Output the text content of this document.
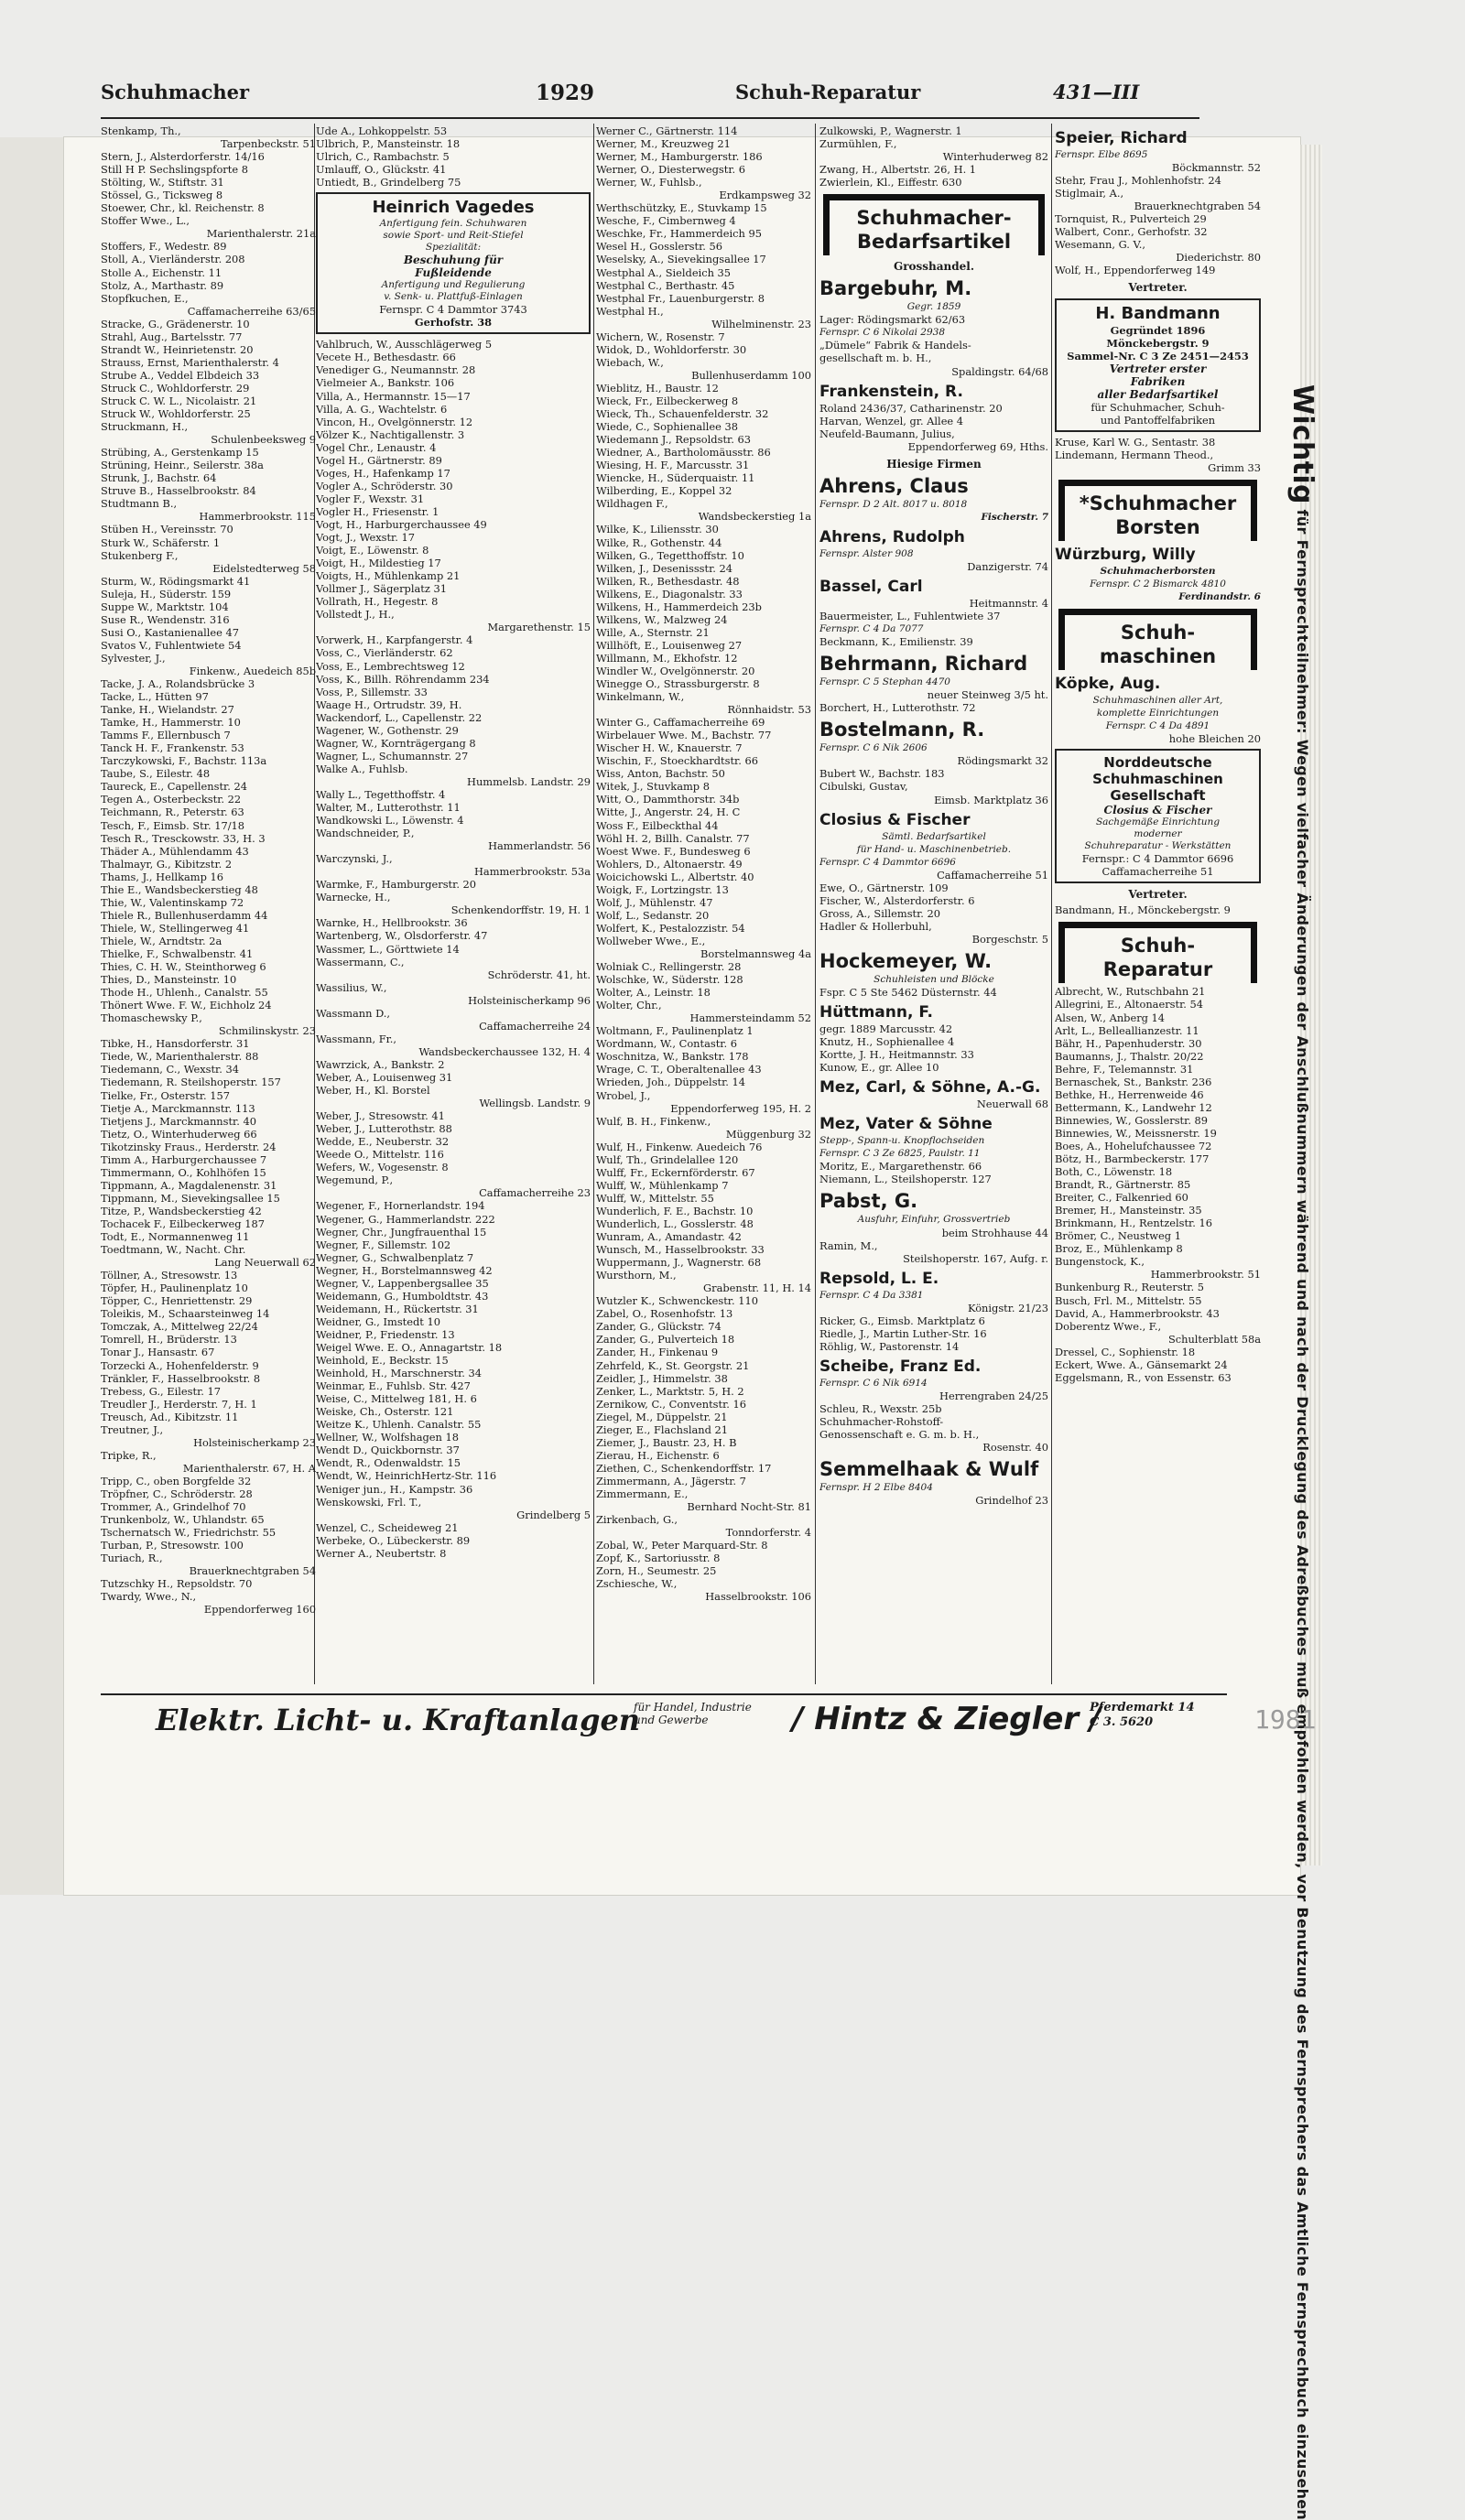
Schuhmacher	1929	Schuh-Reparatur	431—III
Stenkamp, Th.,
Tarpenbeckstr. 51
Stern, J., Alsterdorferstr. 14/16
Still H P. Sechslingspforte 8
Stölting, W., Stiftstr. 31
Stössel, G., Ticksweg 8
Stoewer, Chr., kl. Reichenstr. 8
Stoffer Wwe., L.,
Marienthalerstr. 21a
Stoffers, F., Wedestr. 89
Stoll, A., Vierländerstr. 208
Stolle A., Eichenstr. 11
Stolz, A., Marthastr. 89
Stopfkuchen, E.,
Caffamacherreihe 63/65
Stracke, G., Grädenerstr. 10
Strahl, Aug., Bartelsstr. 77
Strandt W., Heinrietenstr. 20
Strauss, Ernst, Marienthalerstr. 4
Strube A., Veddel Elbdeich 33
Struck C., Wohldorferstr. 29
Struck C. W. L., Nicolaistr. 21
Struck W., Wohldorferstr. 25
Struckmann, H.,
Schulenbeeksweg 9
Strübing, A., Gerstenkamp 15
Strüning, Heinr., Seilerstr. 38a
Strunk, J., Bachstr. 64
Struve B., Hasselbrookstr. 84
Studtmann B.,
Hammerbrookstr. 115
Stüben H., Vereinsstr. 70
Sturk W., Schäferstr. 1
Stukenberg F.,
Eidelstedterweg 58
Sturm, W., Rödingsmarkt 41
Suleja, H., Süderstr. 159
Suppe W., Marktstr. 104
Suse R., Wendenstr. 316
Susi O., Kastanienallee 47
Svatos V., Fuhlentwiete 54
Sylvester, J.,
Finkenw., Auedeich 85b
Tacke, J. A., Rolandsbrücke 3
Tacke, L., Hütten 97
Tanke, H., Wielandstr. 27
Tamke, H., Hammerstr. 10
Tamms F., Ellernbusch 7
Tanck H. F., Frankenstr. 53
Tarczykowski, F., Bachstr. 113a
Taube, S., Eilestr. 48
Taureck, E., Capellenstr. 24
Tegen A., Osterbeckstr. 22
Teichmann, R., Peterstr. 63
Tesch, F., Eimsb. Str. 17/18
Tesch R., Tresckowstr. 33, H. 3
Thäder A., Mühlendamm 43
Thalmayr, G., Kibitzstr. 2
Thams, J., Hellkamp 16
Thie E., Wandsbeckerstieg 48
Thie, W., Valentinskamp 72
Thiele R., Bullenhuserdamm 44
Thiele, W., Stellingerweg 41
Thiele, W., Arndtstr. 2a
Thielke, F., Schwalbenstr. 41
Thies, C. H. W., Steinthorweg 6
Thies, D., Mansteinstr. 10
Thode H., Uhlenh., Canalstr. 55
Thönert Wwe. F. W., Eichholz 24
Thomaschewsky P.,
Schmilinskystr. 23
Tibke, H., Hansdorferstr. 31
Tiede, W., Marienthalerstr. 88
Tiedemann, C., Wexstr. 34
Tiedemann, R. Steilshoperstr. 157
Tielke, Fr., Osterstr. 157
Tietje A., Marckmannstr. 113
Tietjens J., Marckmannstr. 40
Tietz, O., Winterhuderweg 66
Tikotzinsky Fraus., Herderstr. 24
Timm A., Harburgerchaussee 7
Timmermann, O., Kohlhöfen 15
Tippmann, A., Magdalenenstr. 31
Tippmann, M., Sievekingsallee 15
Titze, P., Wandsbeckerstieg 42
Tochacek F., Eilbeckerweg 187
Todt, E., Normannenweg 11
Toedtmann, W., Nacht. Chr.
Lang Neuerwall 62
Töllner, A., Stresowstr. 13
Töpfer, H., Paulinenplatz 10
Töpper, C., Henriettenstr. 29
Toleikis, M., Schaarsteinweg 14
Tomczak, A., Mittelweg 22/24
Tomrell, H., Brüderstr. 13
Tonar J., Hansastr. 67
Torzecki A., Hohenfelderstr. 9
Tränkler, F., Hasselbrookstr. 8
Trebess, G., Eilestr. 17
Treudler J., Herderstr. 7, H. 1
Treusch, Ad., Kibitzstr. 11
Treutner, J.,
Holsteinischerkamp 23
Tripke, R.,
Marienthalerstr. 67, H. A
Tripp, C., oben Borgfelde 32
Tröpfner, C., Schröderstr. 28
Trommer, A., Grindelhof 70
Trunkenbolz, W., Uhlandstr. 65
Tschernatsch W., Friedrichstr. 55
Turban, P., Stresowstr. 100
Turiach, R.,
Brauerknechtgraben 54
Tutzschky H., Repsoldstr. 70
Twardy, Wwe., N.,
Eppendorferweg 160
Ude A., Lohkoppelstr. 53
Ulbrich, P., Mansteinstr. 18
Ulrich, C., Rambachstr. 5
Umlauff, O., Glückstr. 41
Untiedt, B., Grindelberg 75
Heinrich Vagedes
Anfertigung fein. Schuhwaren
sowie Sport- und Reit-Stiefel
Spezialität:
Beschuhung für
Fußleidende
Anfertigung und Regulierung
v. Senk- u. Plattfuß-Einlagen
Fernspr. C 4 Dammtor 3743
Gerhofstr. 38
Vahlbruch, W., Ausschlägerweg 5
Vecete H., Bethesdastr. 66
Venediger G., Neumannstr. 28
Vielmeier A., Bankstr. 106
Villa, A., Hermannstr. 15—17
Villa, A. G., Wachtelstr. 6
Vincon, H., Ovelgönnerstr. 12
Völzer K., Nachtigallenstr. 3
Vogel Chr., Lenaustr. 4
Vogel H., Gärtnerstr. 89
Voges, H., Hafenkamp 17
Vogler A., Schröderstr. 30
Vogler F., Wexstr. 31
Vogler H., Friesenstr. 1
Vogt, H., Harburgerchaussee 49
Vogt, J., Wexstr. 17
Voigt, E., Löwenstr. 8
Voigt, H., Mildestieg 17
Voigts, H., Mühlenkamp 21
Vollmer J., Sägerplatz 31
Vollrath, H., Hegestr. 8
Vollstedt J., H.,
Margarethenstr. 15
Vorwerk, H., Karpfangerstr. 4
Voss, C., Vierländerstr. 62
Voss, E., Lembrechtsweg 12
Voss, K., Billh. Röhrendamm 234
Voss, P., Sillemstr. 33
Waage H., Ortrudstr. 39, H.
Wackendorf, L., Capellenstr. 22
Wagener, W., Gothenstr. 29
Wagner, W., Kornträgergang 8
Wagner, L., Schumannstr. 27
Walke A., Fuhlsb.
Hummelsb. Landstr. 29
Wally L., Tegetthoffstr. 4
Walter, M., Lutterothstr. 11
Wandkowski L., Löwenstr. 4
Wandschneider, P.,
Hammerlandstr. 56
Warczynski, J.,
Hammerbrookstr. 53a
Warmke, F., Hamburgerstr. 20
Warnecke, H.,
Schenkendorffstr. 19, H. 1
Warnke, H., Hellbrookstr. 36
Wartenberg, W., Olsdorferstr. 47
Wassmer, L., Görttwiete 14
Wassermann, C.,
Schröderstr. 41, ht.
Wassilius, W.,
Holsteinischerkamp 96
Wassmann D.,
Caffamacherreihe 24
Wassmann, Fr.,
Wandsbeckerchaussee 132, H. 4
Wawrzick, A., Bankstr. 2
Weber, A., Louisenweg 31
Weber, H., Kl. Borstel
Wellingsb. Landstr. 9
Weber, J., Stresowstr. 41
Weber, J., Lutterothstr. 88
Wedde, E., Neuberstr. 32
Weede O., Mittelstr. 116
Wefers, W., Vogesenstr. 8
Wegemund, P.,
Caffamacherreihe 23
Wegener, F., Hornerlandstr. 194
Wegener, G., Hammerlandstr. 222
Wegner, Chr., Jungfrauenthal 15
Wegner, F., Sillemstr. 102
Wegner, G., Schwalbenplatz 7
Wegner, H., Borstelmannsweg 42
Wegner, V., Lappenbergsallee 35
Weidemann, G., Humboldtstr. 43
Weidemann, H., Rückertstr. 31
Weidner, G., Imstedt 10
Weidner, P., Friedenstr. 13
Weigel Wwe. E. O., Annagartstr. 18
Weinhold, E., Beckstr. 15
Weinhold, H., Marschnerstr. 34
Weinmar, E., Fuhlsb. Str. 427
Weise, C., Mittelweg 181, H. 6
Weiske, Ch., Osterstr. 121
Weitze K., Uhlenh. Canalstr. 55
Wellner, W., Wolfshagen 18
Wendt D., Quickbornstr. 37
Wendt, R., Odenwaldstr. 15
Wendt, W., HeinrichHertz-Str. 116
Weniger jun., H., Kampstr. 36
Wenskowski, Frl. T.,
Grindelberg 5
Wenzel, C., Scheideweg 21
Werbeke, O., Lübeckerstr. 89
Werner A., Neubertstr. 8
Werner C., Gärtnerstr. 114
Werner, M., Kreuzweg 21
Werner, M., Hamburgerstr. 186
Werner, O., Diesterwegstr. 6
Werner, W., Fuhlsb.,
Erdkampsweg 32
Werthschützky, E., Stuvkamp 15
Wesche, F., Cimbernweg 4
Weschke, Fr., Hammerdeich 95
Wesel H., Gosslerstr. 56
Weselsky, A., Sievekingsallee 17
Westphal A., Sieldeich 35
Westphal C., Berthastr. 45
Westphal Fr., Lauenburgerstr. 8
Westphal H.,
Wilhelminenstr. 23
Wichern, W., Rosenstr. 7
Widok, D., Wohldorferstr. 30
Wiebach, W.,
Bullenhuserdamm 100
Wieblitz, H., Baustr. 12
Wieck, Fr., Eilbeckerweg 8
Wieck, Th., Schauenfelderstr. 32
Wiede, C., Sophienallee 38
Wiedemann J., Repsoldstr. 63
Wiedner, A., Bartholomäusstr. 86
Wiesing, H. F., Marcusstr. 31
Wiencke, H., Süderquaistr. 11
Wilberding, E., Koppel 32
Wildhagen F.,
Wandsbeckerstieg 1a
Wilke, K., Liliensstr. 30
Wilke, R., Gothenstr. 44
Wilken, G., Tegetthoffstr. 10
Wilken, J., Desenissstr. 24
Wilken, R., Bethesdastr. 48
Wilkens, E., Diagonalstr. 33
Wilkens, H., Hammerdeich 23b
Wilkens, W., Malzweg 24
Wille, A., Sternstr. 21
Willhöft, E., Louisenweg 27
Willmann, M., Ekhofstr. 12
Windler W., Ovelgönnerstr. 20
Winegge O., Strassburgerstr. 8
Winkelmann, W.,
Rönnhaidstr. 53
Winter G., Caffamacherreihe 69
Wirbelauer Wwe. M., Bachstr. 77
Wischer H. W., Knauerstr. 7
Wischin, F., Stoeckhardtstr. 66
Wiss, Anton, Bachstr. 50
Witek, J., Stuvkamp 8
Witt, O., Dammthorstr. 34b
Witte, J., Angerstr. 24, H. C
Woss F., Eilbeckthal 44
Wöhl H. 2, Billh. Canalstr. 77
Woest Wwe. F., Bundesweg 6
Wohlers, D., Altonaerstr. 49
Woicichowski L., Albertstr. 40
Woigk, F., Lortzingstr. 13
Wolf, J., Mühlenstr. 47
Wolf, L., Sedanstr. 20
Wolfert, K., Pestalozzistr. 54
Wollweber Wwe., E.,
Borstelmannsweg 4a
Wolniak C., Rellingerstr. 28
Wolschke, W., Süderstr. 128
Wolter, A., Leinstr. 18
Wolter, Chr.,
Hammersteindamm 52
Woltmann, F., Paulinenplatz 1
Wordmann, W., Contastr. 6
Woschnitza, W., Bankstr. 178
Wrage, C. T., Oberaltenallee 43
Wrieden, Joh., Düppelstr. 14
Wrobel, J.,
Eppendorferweg 195, H. 2
Wulf, B. H., Finkenw.,
Müggenburg 32
Wulf, H., Finkenw. Auedeich 76
Wulf, Th., Grindelallee 120
Wulff, Fr., Eckernförderstr. 67
Wulff, W., Mühlenkamp 7
Wulff, W., Mittelstr. 55
Wunderlich, F. E., Bachstr. 10
Wunderlich, L., Gosslerstr. 48
Wunram, A., Amandastr. 42
Wunsch, M., Hasselbrookstr. 33
Wuppermann, J., Wagnerstr. 68
Wursthorn, M.,
Grabenstr. 11, H. 14
Wutzler K., Schwenckestr. 110
Zabel, O., Rosenhofstr. 13
Zander, G., Glückstr. 74
Zander, G., Pulverteich 18
Zander, H., Finkenau 9
Zehrfeld, K., St. Georgstr. 21
Zeidler, J., Himmelstr. 38
Zenker, L., Marktstr. 5, H. 2
Zernikow, C., Conventstr. 16
Ziegel, M., Düppelstr. 21
Zieger, E., Flachsland 21
Ziemer, J., Baustr. 23, H. B
Zierau, H., Eichenstr. 6
Ziethen, C., Schenkendorffstr. 17
Zimmermann, A., Jägerstr. 7
Zimmermann, E.,
Bernhard Nocht-Str. 81
Zirkenbach, G.,
Tonndorferstr. 4
Zobal, W., Peter Marquard-Str. 8
Zopf, K., Sartoriusstr. 8
Zorn, H., Seumestr. 25
Zschiesche, W.,
Hasselbrookstr. 106
Zulkowski, P., Wagnerstr. 1
Zurmühlen, F.,
Winterhuderweg 82
Zwang, H., Albertstr. 26, H. 1
Zwierlein, Kl., Eiffestr. 630
Schuhmacher-Bedarfsartikel
Grosshandel.
Bargebuhr, M.
Gegr. 1859
Lager: Rödingsmarkt 62/63
Fernspr. C 6 Nikolai 2938
„Dümele“ Fabrik & Handels-
gesellschaft m. b. H.,
Spaldingstr. 64/68
Frankenstein, R.
Roland 2436/37, Catharinenstr. 20
Harvan, Wenzel, gr. Allee 4
Neufeld-Baumann, Julius,
Eppendorferweg 69, Hths.
Hiesige Firmen
Ahrens, Claus
Fernspr. D 2 Alt. 8017 u. 8018
Fischerstr. 7
Ahrens, Rudolph
Fernspr. Alster 908
Danzigerstr. 74
Bassel, Carl
Heitmannstr. 4
Bauermeister, L., Fuhlentwiete 37
Fernspr. C 4 Da 7077
Beckmann, K., Emilienstr. 39
Behrmann, Richard
Fernspr. C 5 Stephan 4470
neuer Steinweg 3/5 ht.
Borchert, H., Lutterothstr. 72
Bostelmann, R.
Fernspr. C 6 Nik 2606
Rödingsmarkt 32
Bubert W., Bachstr. 183
Cibulski, Gustav,
Eimsb. Marktplatz 36
Closius & Fischer
Sämtl. Bedarfsartikel
für Hand- u. Maschinenbetrieb.
Fernspr. C 4 Dammtor 6696
Caffamacherreihe 51
Ewe, O., Gärtnerstr. 109
Fischer, W., Alsterdorferstr. 6
Gross, A., Sillemstr. 20
Hadler & Hollerbuhl,
Borgeschstr. 5
Hockemeyer, W.
Schuhleisten und Blöcke
Fspr. C 5 Ste 5462 Düsternstr. 44
Hüttmann, F.
gegr. 1889 Marcusstr. 42
Knutz, H., Sophienallee 4
Kortte, J. H., Heitmannstr. 33
Kunow, E., gr. Allee 10
Mez, Carl, & Söhne, A.-G.
Neuerwall 68
Mez, Vater & Söhne
Stepp-, Spann-u. Knopflochseiden
Fernspr. C 3 Ze 6825, Paulstr. 11
Moritz, E., Margarethenstr. 66
Niemann, L., Steilshoperstr. 127
Pabst, G.
Ausfuhr, Einfuhr, Grossvertrieb
beim Strohhause 44
Ramin, M.,
Steilshoperstr. 167, Aufg. r.
Repsold, L. E.
Fernspr. C 4 Da 3381
Königstr. 21/23
Ricker, G., Eimsb. Marktplatz 6
Riedle, J., Martin Luther-Str. 16
Röhlig, W., Pastorenstr. 14
Scheibe, Franz Ed.
Fernspr. C 6 Nik 6914
Herrengraben 24/25
Schleu, R., Wexstr. 25b
Schuhmacher-Rohstoff-
Genossenschaft e. G. m. b. H.,
Rosenstr. 40
Semmelhaak & Wulf
Fernspr. H 2 Elbe 8404
Grindelhof 23
Speier, Richard
Fernspr. Elbe 8695
Böckmannstr. 52
Stehr, Frau J., Mohlenhofstr. 24
Stiglmair, A.,
Brauerknechtgraben 54
Tornquist, R., Pulverteich 29
Walbert, Conr., Gerhofstr. 32
Wesemann, G. V.,
Diederichstr. 80
Wolf, H., Eppendorferweg 149
Vertreter.
H. Bandmann
Gegründet 1896
Mönckebergstr. 9
Sammel-Nr. C 3 Ze 2451—2453
Vertreter erster
Fabriken
aller Bedarfsartikel
für Schuhmacher, Schuh-
und Pantoffelfabriken
Kruse, Karl W. G., Sentastr. 38
Lindemann, Hermann Theod.,
Grimm 33
*Schuhmacher Borsten
Würzburg, Willy
Schuhmacherborsten
Fernspr. C 2 Bismarck 4810
Ferdinandstr. 6
Schuh-maschinen
Köpke, Aug.
Schuhmaschinen aller Art,
komplette Einrichtungen
Fernspr. C 4 Da 4891
hohe Bleichen 20
Norddeutsche
Schuhmaschinen
Gesellschaft
Closius & Fischer
Sachgemäße Einrichtung
moderner
Schuhreparatur - Werkstätten
Fernspr.: C 4 Dammtor 6696
Caffamacherreihe 51
Vertreter.
Bandmann, H., Mönckebergstr. 9
Schuh-Reparatur
Albrecht, W., Rutschbahn 21
Allegrini, E., Altonaerstr. 54
Alsen, W., Anberg 14
Arlt, L., Belleallianzestr. 11
Bähr, H., Papenhuderstr. 30
Baumanns, J., Thalstr. 20/22
Behre, F., Telemannstr. 31
Bernaschek, St., Bankstr. 236
Bethke, H., Herrenweide 46
Bettermann, K., Landwehr 12
Binnewies, W., Gosslerstr. 89
Binnewies, W., Meissnerstr. 19
Boes, A., Hohelufchaussee 72
Bötz, H., Barmbeckerstr. 177
Both, C., Löwenstr. 18
Brandt, R., Gärtnerstr. 85
Breiter, C., Falkenried 60
Bremer, H., Mansteinstr. 35
Brinkmann, H., Rentzelstr. 16
Brömer, C., Neustweg 1
Broz, E., Mühlenkamp 8
Bungenstock, K.,
Hammerbrookstr. 51
Bunkenburg R., Reuterstr. 5
Busch, Frl. M., Mittelstr. 55
David, A., Hammerbrookstr. 43
Doberentz Wwe., F.,
Schulterblatt 58a
Dressel, C., Sophienstr. 18
Eckert, Wwe. A., Gänsemarkt 24
Eggelsmann, R., von Essenstr. 63
Wichtig für Fernsprechteilnehmer: Wegen vielfacher Änderungen der Anschlußnummern während und nach der Drucklegung des Adreßbuches muß empfohlen werden, vor Benutzung des Fernsprechers das Amtliche Fernsprechbuch einzusehen
Elektr. Licht- u. Kraftanlagen
für Handel, Industrie
und Gewerbe	/ Hintz & Ziegler /
Pferdemarkt 14
C 3. 5620	1981
